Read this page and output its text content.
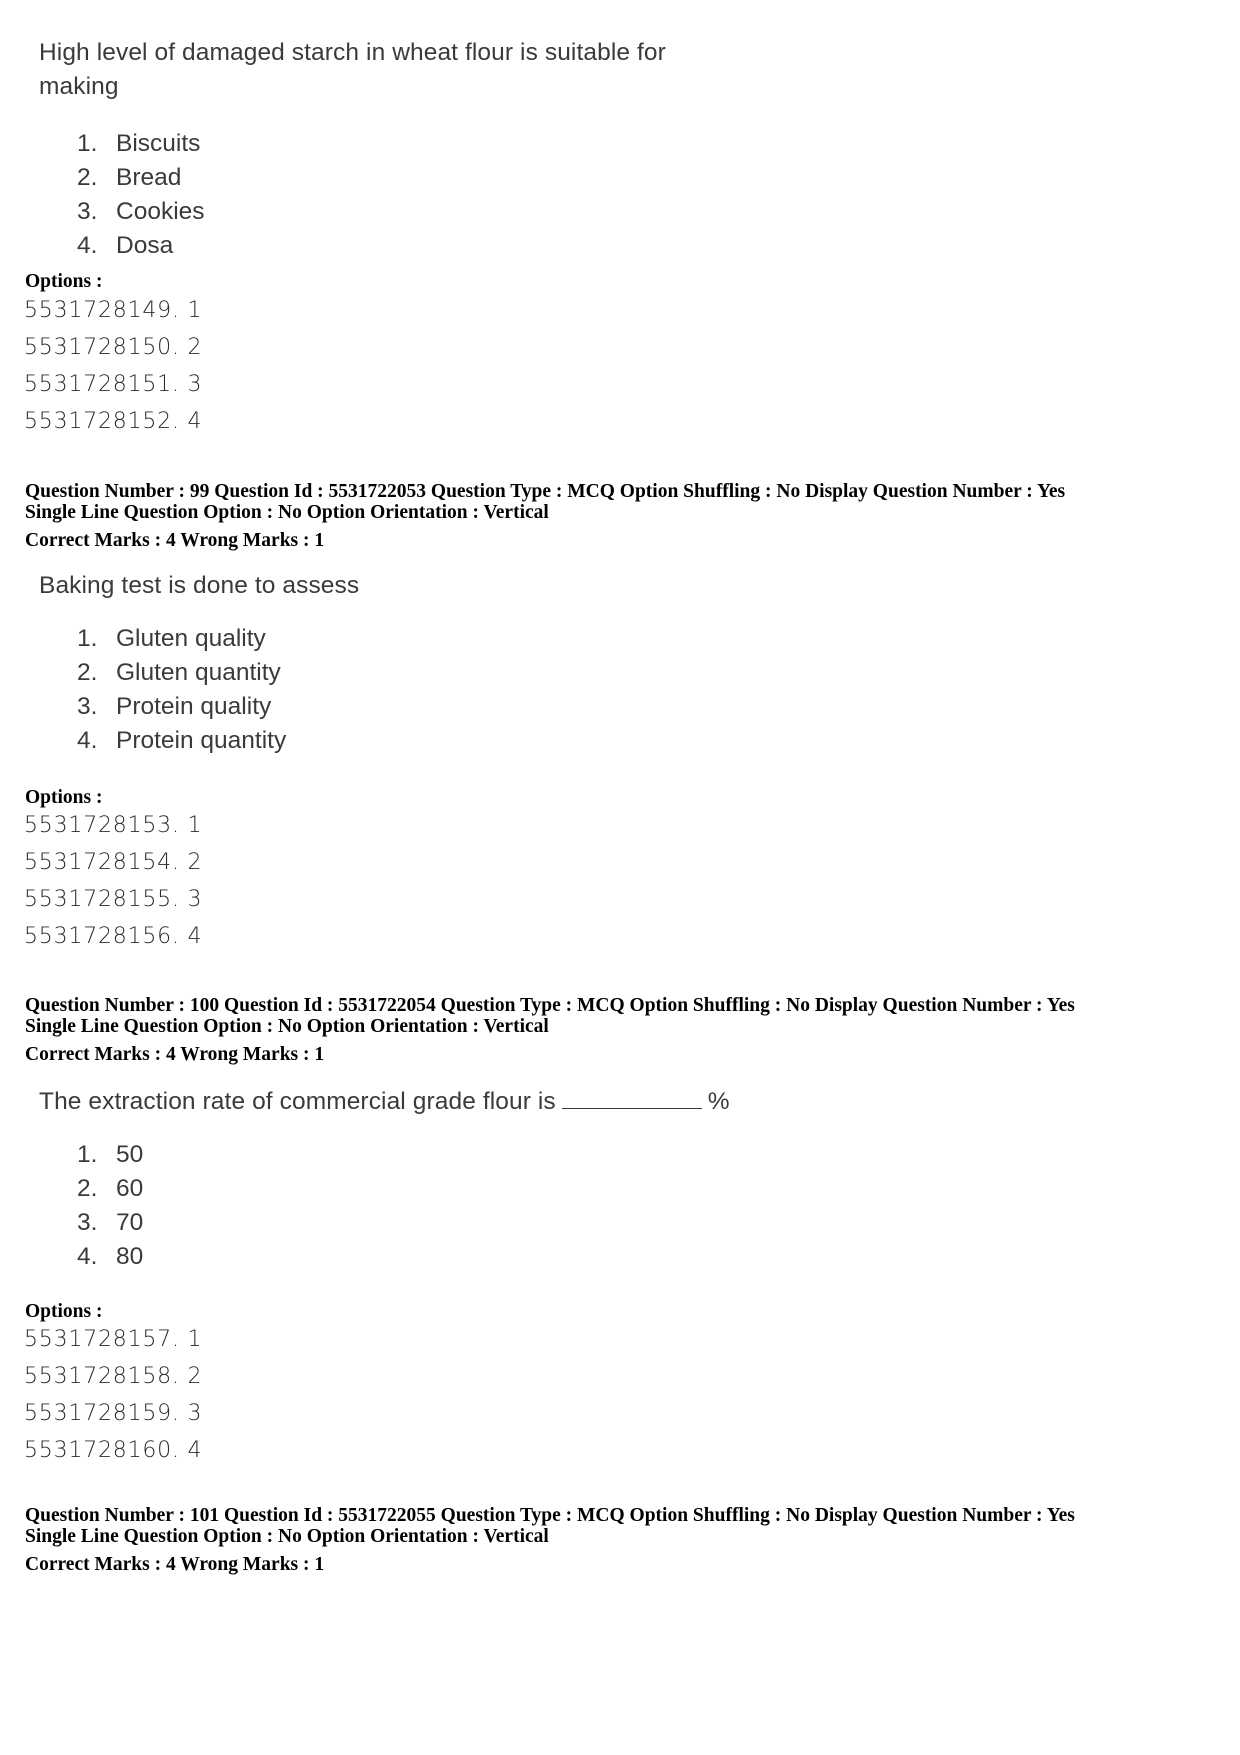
High level of damaged starch in wheat flour is suitable for making
1. Biscuits
2. Bread
3. Cookies
4. Dosa
Options :
5531728149. 1
5531728150. 2
5531728151. 3
5531728152. 4
Question Number : 99 Question Id : 5531722053 Question Type : MCQ Option Shuffling : No Display Question Number : Yes
Single Line Question Option : No Option Orientation : Vertical
Correct Marks : 4 Wrong Marks : 1
Baking test is done to assess
1. Gluten quality
2. Gluten quantity
3. Protein quality
4. Protein quantity
Options :
5531728153. 1
5531728154. 2
5531728155. 3
5531728156. 4
Question Number : 100 Question Id : 5531722054 Question Type : MCQ Option Shuffling : No Display Question Number : Yes
Single Line Question Option : No Option Orientation : Vertical
Correct Marks : 4 Wrong Marks : 1
The extraction rate of commercial grade flour is	%
1. 50
2. 60
3. 70
4. 80
Options :
5531728157. 1
5531728158. 2
5531728159. 3
5531728160. 4
Question Number : 101 Question Id : 5531722055 Question Type : MCQ Option Shuffling : No Display Question Number : Yes
Single Line Question Option : No Option Orientation : Vertical
Correct Marks : 4 Wrong Marks : 1
